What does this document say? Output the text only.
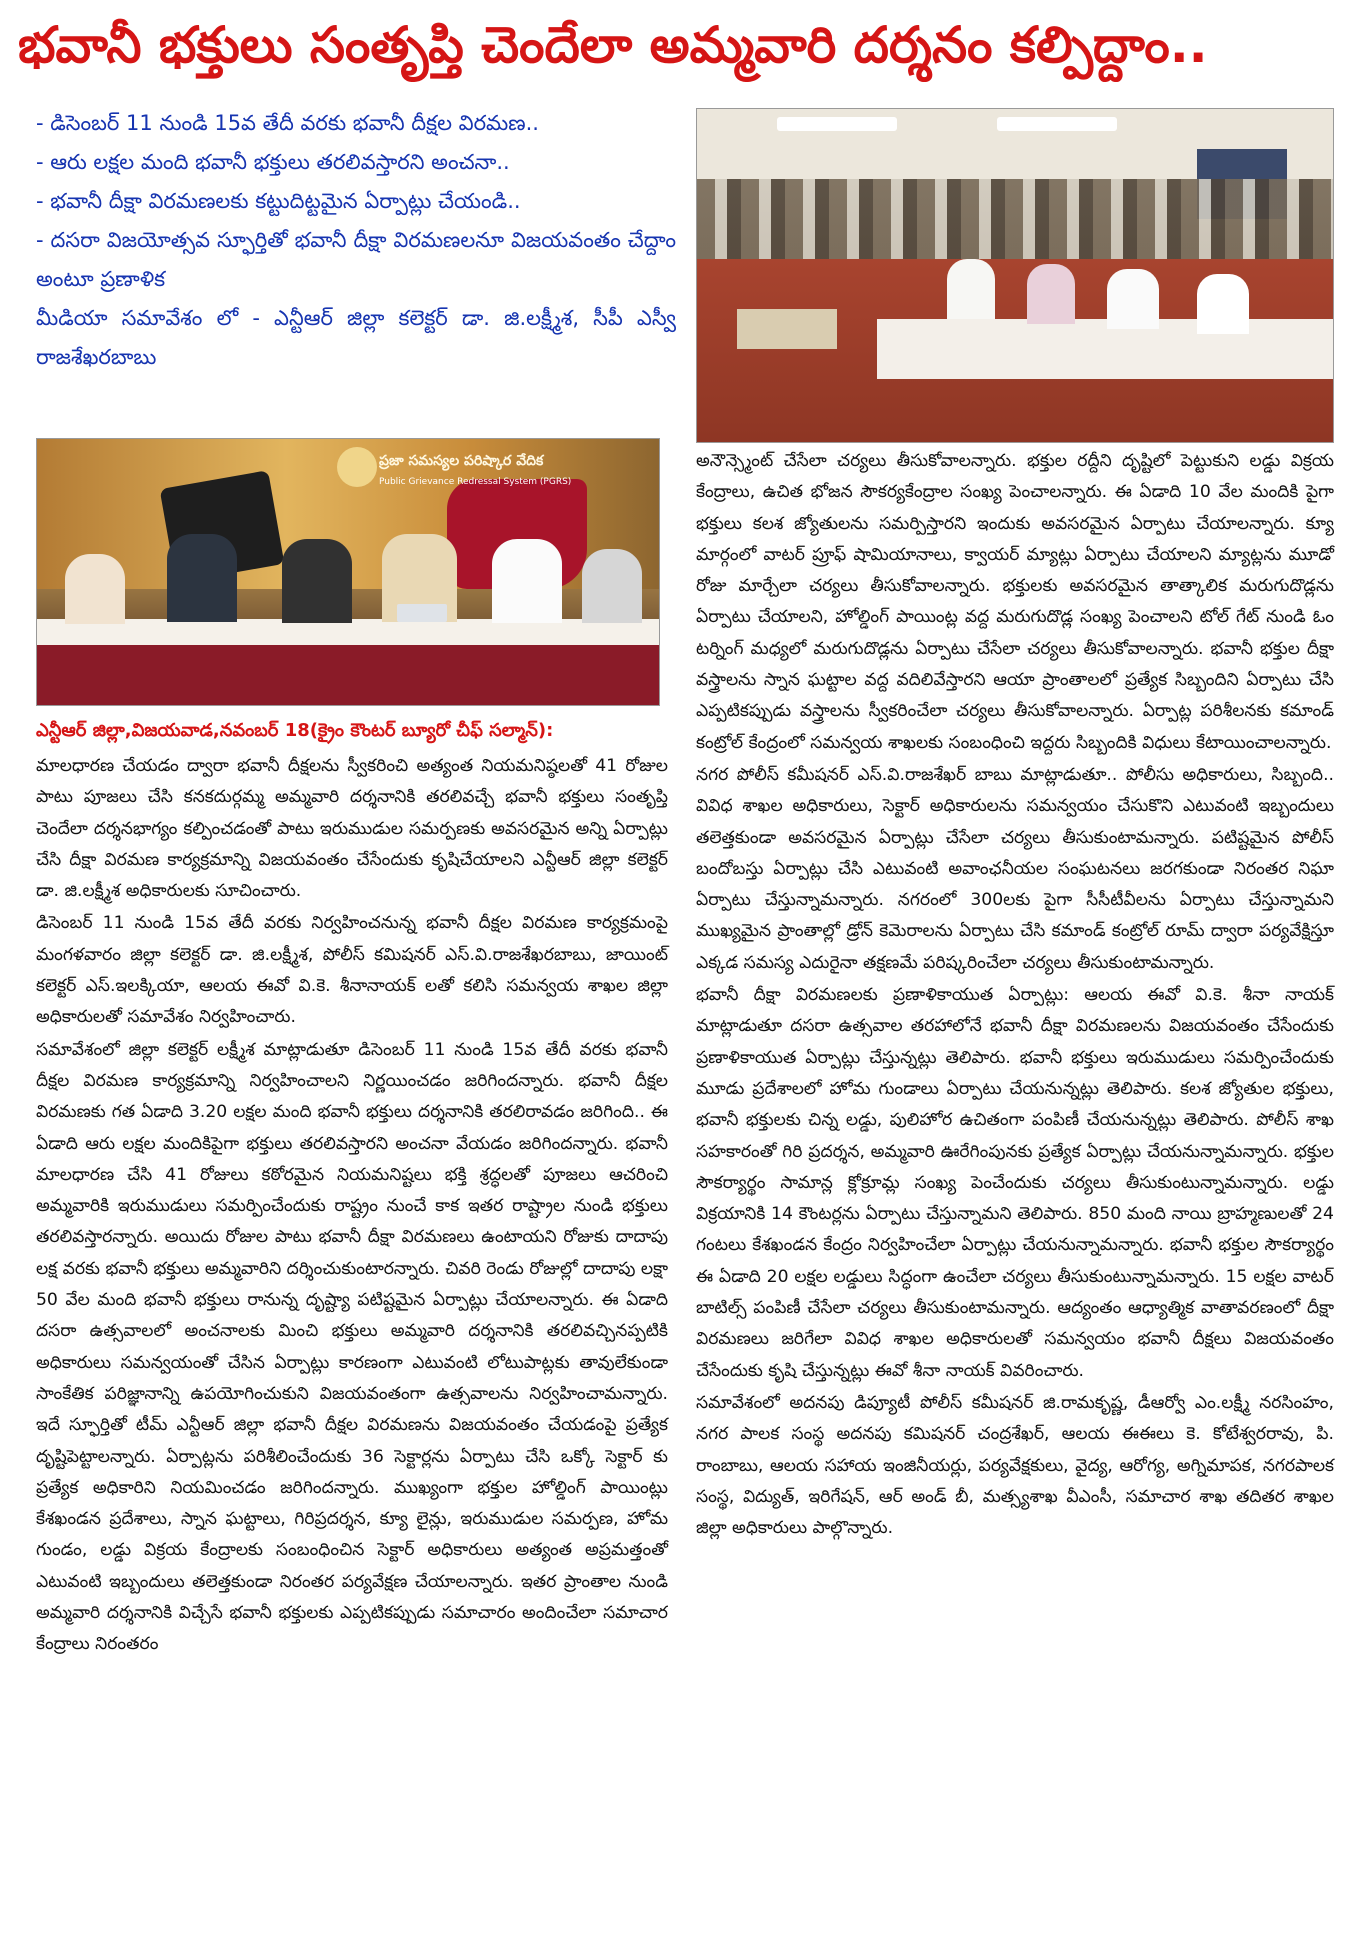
భవానీ భక్తులు సంతృప్తి చెందేలా అమ్మవారి దర్శనం కల్పిద్దాం..

- డిసెంబర్ 11 నుండి 15వ తేదీ వరకు భవానీ దీక్షల విరమణ..

- ఆరు లక్షల మంది భవానీ భక్తులు తరలివస్తారని అంచనా..

- భవానీ దీక్షా విరమణలకు కట్టుదిట్టమైన ఏర్పాట్లు చేయండి..

- దసరా విజయోత్సవ స్ఫూర్తితో భవానీ దీక్షా విరమణలనూ విజయవంతం చేద్దాం అంటూ ప్రణాళిక

మీడియా సమావేశం లో - ఎన్టీఆర్ జిల్లా కలెక్టర్ డా. జి.లక్ష్మీశ, సీపీ ఎస్వీ రాజశేఖరబాబు

ప్రజా సమస్యల పరిష్కార వేదిక
Public Grievance Redressal System (PGRS)
ఎన్టీఆర్ జిల్లా,విజయవాడ,నవంబర్ 18(క్రైం కౌంటర్ బ్యూరో చీఫ్ సల్మాన్):

మాలధారణ చేయడం ద్వారా భవానీ దీక్షలను స్వీకరించి అత్యంత నియమనిష్ఠలతో 41 రోజుల పాటు పూజలు చేసి కనకదుర్గమ్మ అమ్మవారి దర్శనానికి తరలివచ్చే భవానీ భక్తులు సంతృప్తి చెందేలా దర్శనభాగ్యం కల్పించడంతో పాటు ఇరుముడుల సమర్పణకు అవసరమైన అన్ని ఏర్పాట్లు చేసి దీక్షా విరమణ కార్యక్రమాన్ని విజయవంతం చేసేందుకు కృషిచేయాలని ఎన్టీఆర్ జిల్లా కలెక్టర్ డా. జి.లక్ష్మీశ అధికారులకు సూచించారు.

డిసెంబర్ 11 నుండి 15వ తేదీ వరకు నిర్వహించనున్న భవానీ దీక్షల విరమణ కార్యక్రమంపై మంగళవారం జిల్లా కలెక్టర్ డా. జి.లక్ష్మీశ, పోలీస్ కమిషనర్ ఎస్.వి.రాజశేఖరబాబు, జాయింట్ కలెక్టర్ ఎస్.ఇలక్కియా, ఆలయ ఈవో వి.కె. శీనానాయక్ లతో కలిసి సమన్వయ శాఖల జిల్లా అధికారులతో సమావేశం నిర్వహించారు.

సమావేశంలో జిల్లా కలెక్టర్ లక్ష్మీశ మాట్లాడుతూ డిసెంబర్ 11 నుండి 15వ తేదీ వరకు భవానీ దీక్షల విరమణ కార్యక్రమాన్ని నిర్వహించాలని నిర్ణయించడం జరిగిందన్నారు. భవానీ దీక్షల విరమణకు గత ఏడాది 3.20 లక్షల మంది భవానీ భక్తులు దర్శనానికి తరలిరావడం జరిగింది.. ఈ ఏడాది ఆరు లక్షల మందికిపైగా భక్తులు తరలివస్తారని అంచనా వేయడం జరిగిందన్నారు. భవానీ మాలధారణ చేసి 41 రోజులు కఠోరమైన నియమనిష్టలు భక్తి శ్రద్ధలతో పూజలు ఆచరించి అమ్మవారికి ఇరుముడులు సమర్పించేందుకు రాష్ట్రం నుంచే కాక ఇతర రాష్ట్రాల నుండి భక్తులు తరలివస్తారన్నారు. అయిదు రోజుల పాటు భవానీ దీక్షా విరమణలు ఉంటాయని రోజుకు దాదాపు లక్ష వరకు భవానీ భక్తులు అమ్మవారిని దర్శించుకుంటారన్నారు. చివరి రెండు రోజుల్లో దాదాపు లక్షా 50 వేల మంది భవానీ భక్తులు రానున్న దృష్ట్యా పటిష్టమైన ఏర్పాట్లు చేయాలన్నారు. ఈ ఏడాది దసరా ఉత్సవాలలో అంచనాలకు మించి భక్తులు అమ్మవారి దర్శనానికి తరలివచ్చినప్పటికి అధికారులు సమన్వయంతో చేసిన ఏర్పాట్లు కారణంగా ఎటువంటి లోటుపాట్లకు తావులేకుండా సాంకేతిక పరిజ్ఞానాన్ని ఉపయోగించుకుని విజయవంతంగా ఉత్సవాలను నిర్వహించామన్నారు. ఇదే స్ఫూర్తితో టీమ్ ఎన్టీఆర్ జిల్లా భవానీ దీక్షల విరమణను విజయవంతం చేయడంపై ప్రత్యేక దృష్టిపెట్టాలన్నారు. ఏర్పాట్లను పరిశీలించేందుకు 36 సెక్టార్లను ఏర్పాటు చేసి ఒక్కో సెక్టార్ కు ప్రత్యేక అధికారిని నియమించడం జరిగిందన్నారు. ముఖ్యంగా భక్తుల హోల్డింగ్ పాయింట్లు కేశఖండన ప్రదేశాలు, స్నాన ఘట్టాలు, గిరిప్రదర్శన, క్యూ లైన్లు, ఇరుముడుల సమర్పణ, హోమ గుండం, లడ్డు విక్రయ కేంద్రాలకు సంబంధించిన సెక్టార్ అధికారులు అత్యంత అప్రమత్తంతో ఎటువంటి ఇబ్బందులు తలెత్తకుండా నిరంతర పర్యవేక్షణ చేయాలన్నారు. ఇతర ప్రాంతాల నుండి అమ్మవారి దర్శనానికి విచ్చేసే భవానీ భక్తులకు ఎప్పటికప్పుడు సమాచారం అందించేలా సమాచార కేంద్రాలు నిరంతరం

అనౌన్స్మెంట్ చేసేలా చర్యలు తీసుకోవాలన్నారు. భక్తుల రద్దీని దృష్టిలో పెట్టుకుని లడ్డు విక్రయ కేంద్రాలు, ఉచిత భోజన సౌకర్యకేంద్రాల సంఖ్య పెంచాలన్నారు. ఈ ఏడాది 10 వేల మందికి పైగా భక్తులు కలశ జ్యోతులను సమర్పిస్తారని ఇందుకు అవసరమైన ఏర్పాటు చేయాలన్నారు. క్యూ మార్గంలో వాటర్ ప్రూఫ్ షామియానాలు, క్వాయర్ మ్యాట్లు ఏర్పాటు చేయాలని మ్యాట్లను మూడో రోజు మార్చేలా చర్యలు తీసుకోవాలన్నారు. భక్తులకు అవసరమైన తాత్కాలిక మరుగుదొడ్లను ఏర్పాటు చేయాలని, హోల్డింగ్ పాయింట్ల వద్ద మరుగుదొడ్ల సంఖ్య పెంచాలని టోల్ గేట్ నుండి ఓం టర్నింగ్ మధ్యలో మరుగుదొడ్లను ఏర్పాటు చేసేలా చర్యలు తీసుకోవాలన్నారు. భవానీ భక్తుల దీక్షా వస్త్రాలను స్నాన ఘట్టాల వద్ద వదిలివేస్తారని ఆయా ప్రాంతాలలో ప్రత్యేక సిబ్బందిని ఏర్పాటు చేసి ఎప్పటికప్పుడు వస్త్రాలను స్వీకరించేలా చర్యలు తీసుకోవాలన్నారు. ఏర్పాట్ల పరిశీలనకు కమాండ్ కంట్రోల్ కేంద్రంలో సమన్వయ శాఖలకు సంబంధించి ఇద్దరు సిబ్బందికి విధులు కేటాయించాలన్నారు.

నగర పోలీస్ కమీషనర్ ఎస్.వి.రాజశేఖర్ బాబు మాట్లాడుతూ.. పోలీసు అధికారులు, సిబ్బంది.. వివిధ శాఖల అధికారులు, సెక్టార్ అధికారులను సమన్వయం చేసుకొని ఎటువంటి ఇబ్బందులు తలెత్తకుండా అవసరమైన ఏర్పాట్లు చేసేలా చర్యలు తీసుకుంటామన్నారు. పటిష్టమైన పోలీస్ బందోబస్తు ఏర్పాట్లు చేసి ఎటువంటి అవాంఛనీయల సంఘటనలు జరగకుండా నిరంతర నిఘా ఏర్పాటు చేస్తున్నామన్నారు. నగరంలో 300లకు పైగా సీసీటీవీలను ఏర్పాటు చేస్తున్నామని ముఖ్యమైన ప్రాంతాల్లో డ్రోన్ కెమెరాలను ఏర్పాటు చేసి కమాండ్ కంట్రోల్ రూమ్ ద్వారా పర్యవేక్షిస్తూ ఎక్కడ సమస్య ఎదురైనా తక్షణమే పరిష్కరించేలా చర్యలు తీసుకుంటామన్నారు.

భవానీ దీక్షా విరమణలకు ప్రణాళికాయుత ఏర్పాట్లు: ఆలయ ఈవో వి.కె. శీనా నాయక్ మాట్లాడుతూ దసరా ఉత్సవాల తరహాలోనే భవానీ దీక్షా విరమణలను విజయవంతం చేసేందుకు ప్రణాళికాయుత ఏర్పాట్లు చేస్తున్నట్లు తెలిపారు. భవానీ భక్తులు ఇరుముడులు సమర్పించేందుకు మూడు ప్రదేశాలలో హోమ గుండాలు ఏర్పాటు చేయనున్నట్లు తెలిపారు. కలశ జ్యోతుల భక్తులు, భవానీ భక్తులకు చిన్న లడ్డు, పులిహోర ఉచితంగా పంపిణీ చేయనున్నట్లు తెలిపారు. పోలీస్ శాఖ సహకారంతో గిరి ప్రదర్శన, అమ్మవారి ఊరేగింపునకు ప్రత్యేక ఏర్పాట్లు చేయనున్నామన్నారు. భక్తుల సౌకర్యార్థం సామాన్ల క్లోక్రూమ్ల సంఖ్య పెంచేందుకు చర్యలు తీసుకుంటున్నామన్నారు. లడ్డు విక్రయానికి 14 కౌంటర్లను ఏర్పాటు చేస్తున్నామని తెలిపారు. 850 మంది నాయి బ్రాహ్మణులతో 24 గంటలు కేశఖండన కేంద్రం నిర్వహించేలా ఏర్పాట్లు చేయనున్నామన్నారు. భవానీ భక్తుల సౌకర్యార్థం ఈ ఏడాది 20 లక్షల లడ్డులు సిద్ధంగా ఉంచేలా చర్యలు తీసుకుంటున్నామన్నారు. 15 లక్షల వాటర్ బాటిల్స్ పంపిణీ చేసేలా చర్యలు తీసుకుంటామన్నారు. ఆద్యంతం ఆధ్యాత్మిక వాతావరణంలో దీక్షా విరమణలు జరిగేలా వివిధ శాఖల అధికారులతో సమన్వయం భవానీ దీక్షలు విజయవంతం చేసేందుకు కృషి చేస్తున్నట్లు ఈవో శీనా నాయక్ వివరించారు.

సమావేశంలో అదనపు డిప్యూటీ పోలీస్ కమీషనర్ జి.రామకృష్ణ, డీఆర్వో ఎం.లక్ష్మీ నరసింహం, నగర పాలక సంస్థ అదనపు కమిషనర్ చంద్రశేఖర్, ఆలయ ఈఈలు కె. కోటేశ్వరరావు, పి. రాంబాబు, ఆలయ సహాయ ఇంజినీయర్లు, పర్యవేక్షకులు, వైద్య, ఆరోగ్య, అగ్నిమాపక, నగరపాలక సంస్థ, విద్యుత్, ఇరిగేషన్, ఆర్ అండ్ బీ, మత్స్యశాఖ వీఎంసీ, సమాచార శాఖ తదితర శాఖల జిల్లా అధికారులు పాల్గొన్నారు.
